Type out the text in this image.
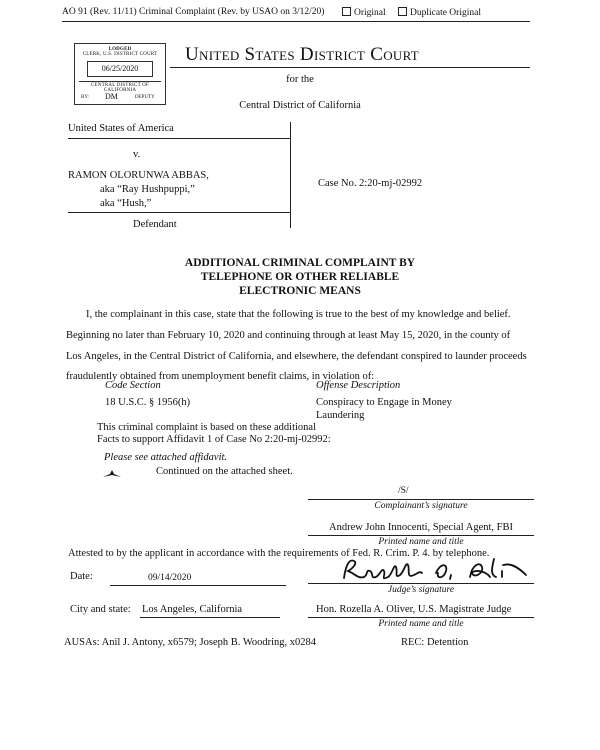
AO 91 (Rev. 11/11) Criminal Complaint (Rev. by USAO on 3/12/20)	Original	Duplicate Original
LODGED
CLERK, U.S. DISTRICT COURT
06/25/2020
CENTRAL DISTRICT OF CALIFORNIA
BY: DM	DEPUTY
United States District Court
for the
Central District of California
United States of America
v.
RAMON OLORUNWA ABBAS,
aka “Ray Hushpuppi,”
aka “Hush,”
Defendant
Case No. 2:20-mj-02992
ADDITIONAL CRIMINAL COMPLAINT BY
TELEPHONE OR OTHER RELIABLE
ELECTRONIC MEANS
I, the complainant in this case, state that the following is true to the best of my knowledge and belief.
Beginning no later than February 10, 2020 and continuing through at least May 15, 2020, in the county of
Los Angeles, in the Central District of California, and elsewhere, the defendant conspired to launder proceeds
fraudulently obtained from unemployment benefit claims, in violation of:
Code Section	Offense Description
18 U.S.C. § 1956(h)	Conspiracy to Engage in Money
Laundering
This criminal complaint is based on these additional
Facts to support Affidavit 1 of Case No 2:20-mj-02992:
Please see attached affidavit.
Continued on the attached sheet.
/S/
Complainant’s signature
Andrew John Innocenti, Special Agent, FBI
Printed name and title
Attested to by the applicant in accordance with the requirements of Fed. R. Crim. P. 4. by telephone.
Date:	09/14/2020
Judge’s signature
City and state: Los Angeles, California	Hon. Rozella A. Oliver, U.S. Magistrate Judge
Printed name and title
AUSAs: Anil J. Antony, x6579; Joseph B. Woodring, x0284	REC: Detention
